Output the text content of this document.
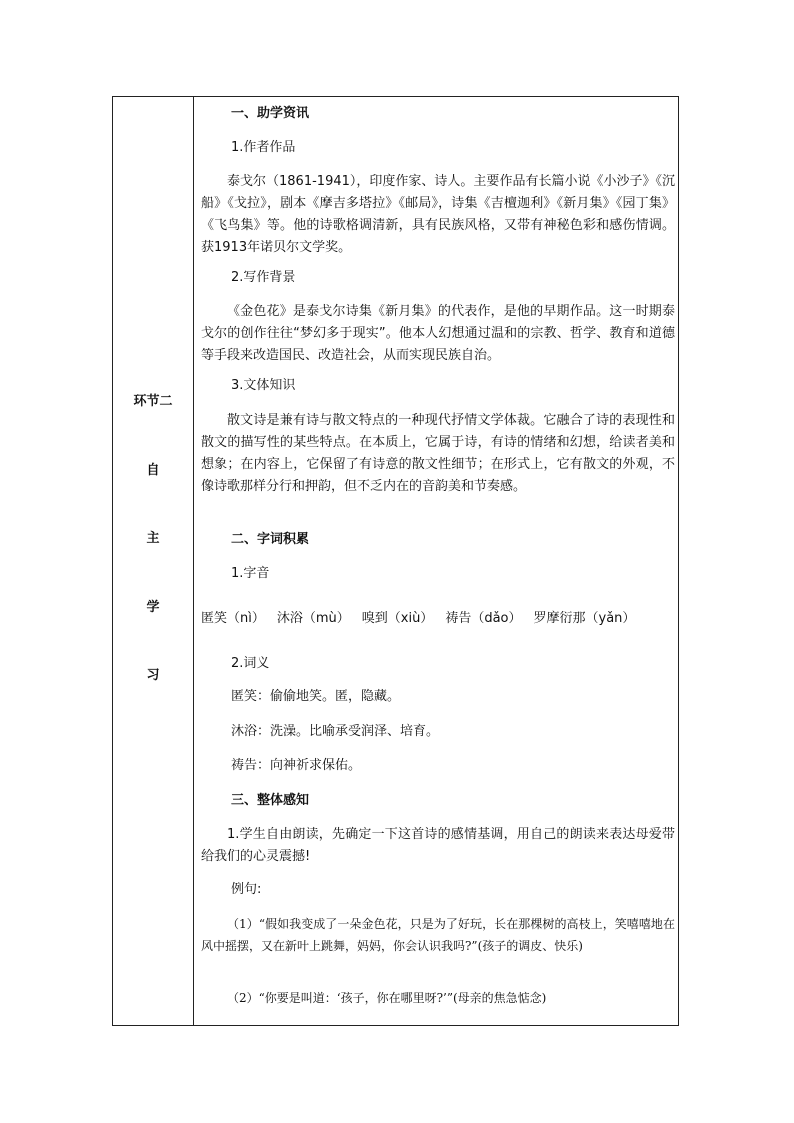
环节二
自
主
学
习
一、助学资讯
1.作者作品
泰戈尔（1861-1941），印度作家、诗人。主要作品有长篇小说《小沙子》《沉船》《戈拉》，剧本《摩吉多塔拉》《邮局》，诗集《吉檀迦利》《新月集》《园丁集》《飞鸟集》等。他的诗歌格调清新，具有民族风格，又带有神秘色彩和感伤情调。获1913年诺贝尔文学奖。
2.写作背景
《金色花》是泰戈尔诗集《新月集》的代表作，是他的早期作品。这一时期泰戈尔的创作往往“梦幻多于现实”。他本人幻想通过温和的宗教、哲学、教育和道德等手段来改造国民、改造社会，从而实现民族自治。
3.文体知识
散文诗是兼有诗与散文特点的一种现代抒情文学体裁。它融合了诗的表现性和散文的描写性的某些特点。在本质上，它属于诗，有诗的情绪和幻想，给读者美和想象；在内容上，它保留了有诗意的散文性细节；在形式上，它有散文的外观，不像诗歌那样分行和押韵，但不乏内在的音韵美和节奏感。
二、字词积累
1.字音
匿笑（nì） 沐浴（mù） 嗅到（xiù） 祷告（dǎo） 罗摩衍那（yǎn）
2.词义
匿笑：偷偷地笑。匿，隐藏。
沐浴：洗澡。比喻承受润泽、培育。
祷告：向神祈求保佑。
三、整体感知
1.学生自由朗读，先确定一下这首诗的感情基调，用自己的朗读来表达母爱带给我们的心灵震撼!
例句:
（1）“假如我变成了一朵金色花，只是为了好玩，长在那棵树的高枝上，笑嘻嘻地在风中摇摆，又在新叶上跳舞，妈妈，你会认识我吗?”(孩子的调皮、快乐)
（2）“你要是叫道：‘孩子，你在哪里呀?’”(母亲的焦急惦念)
